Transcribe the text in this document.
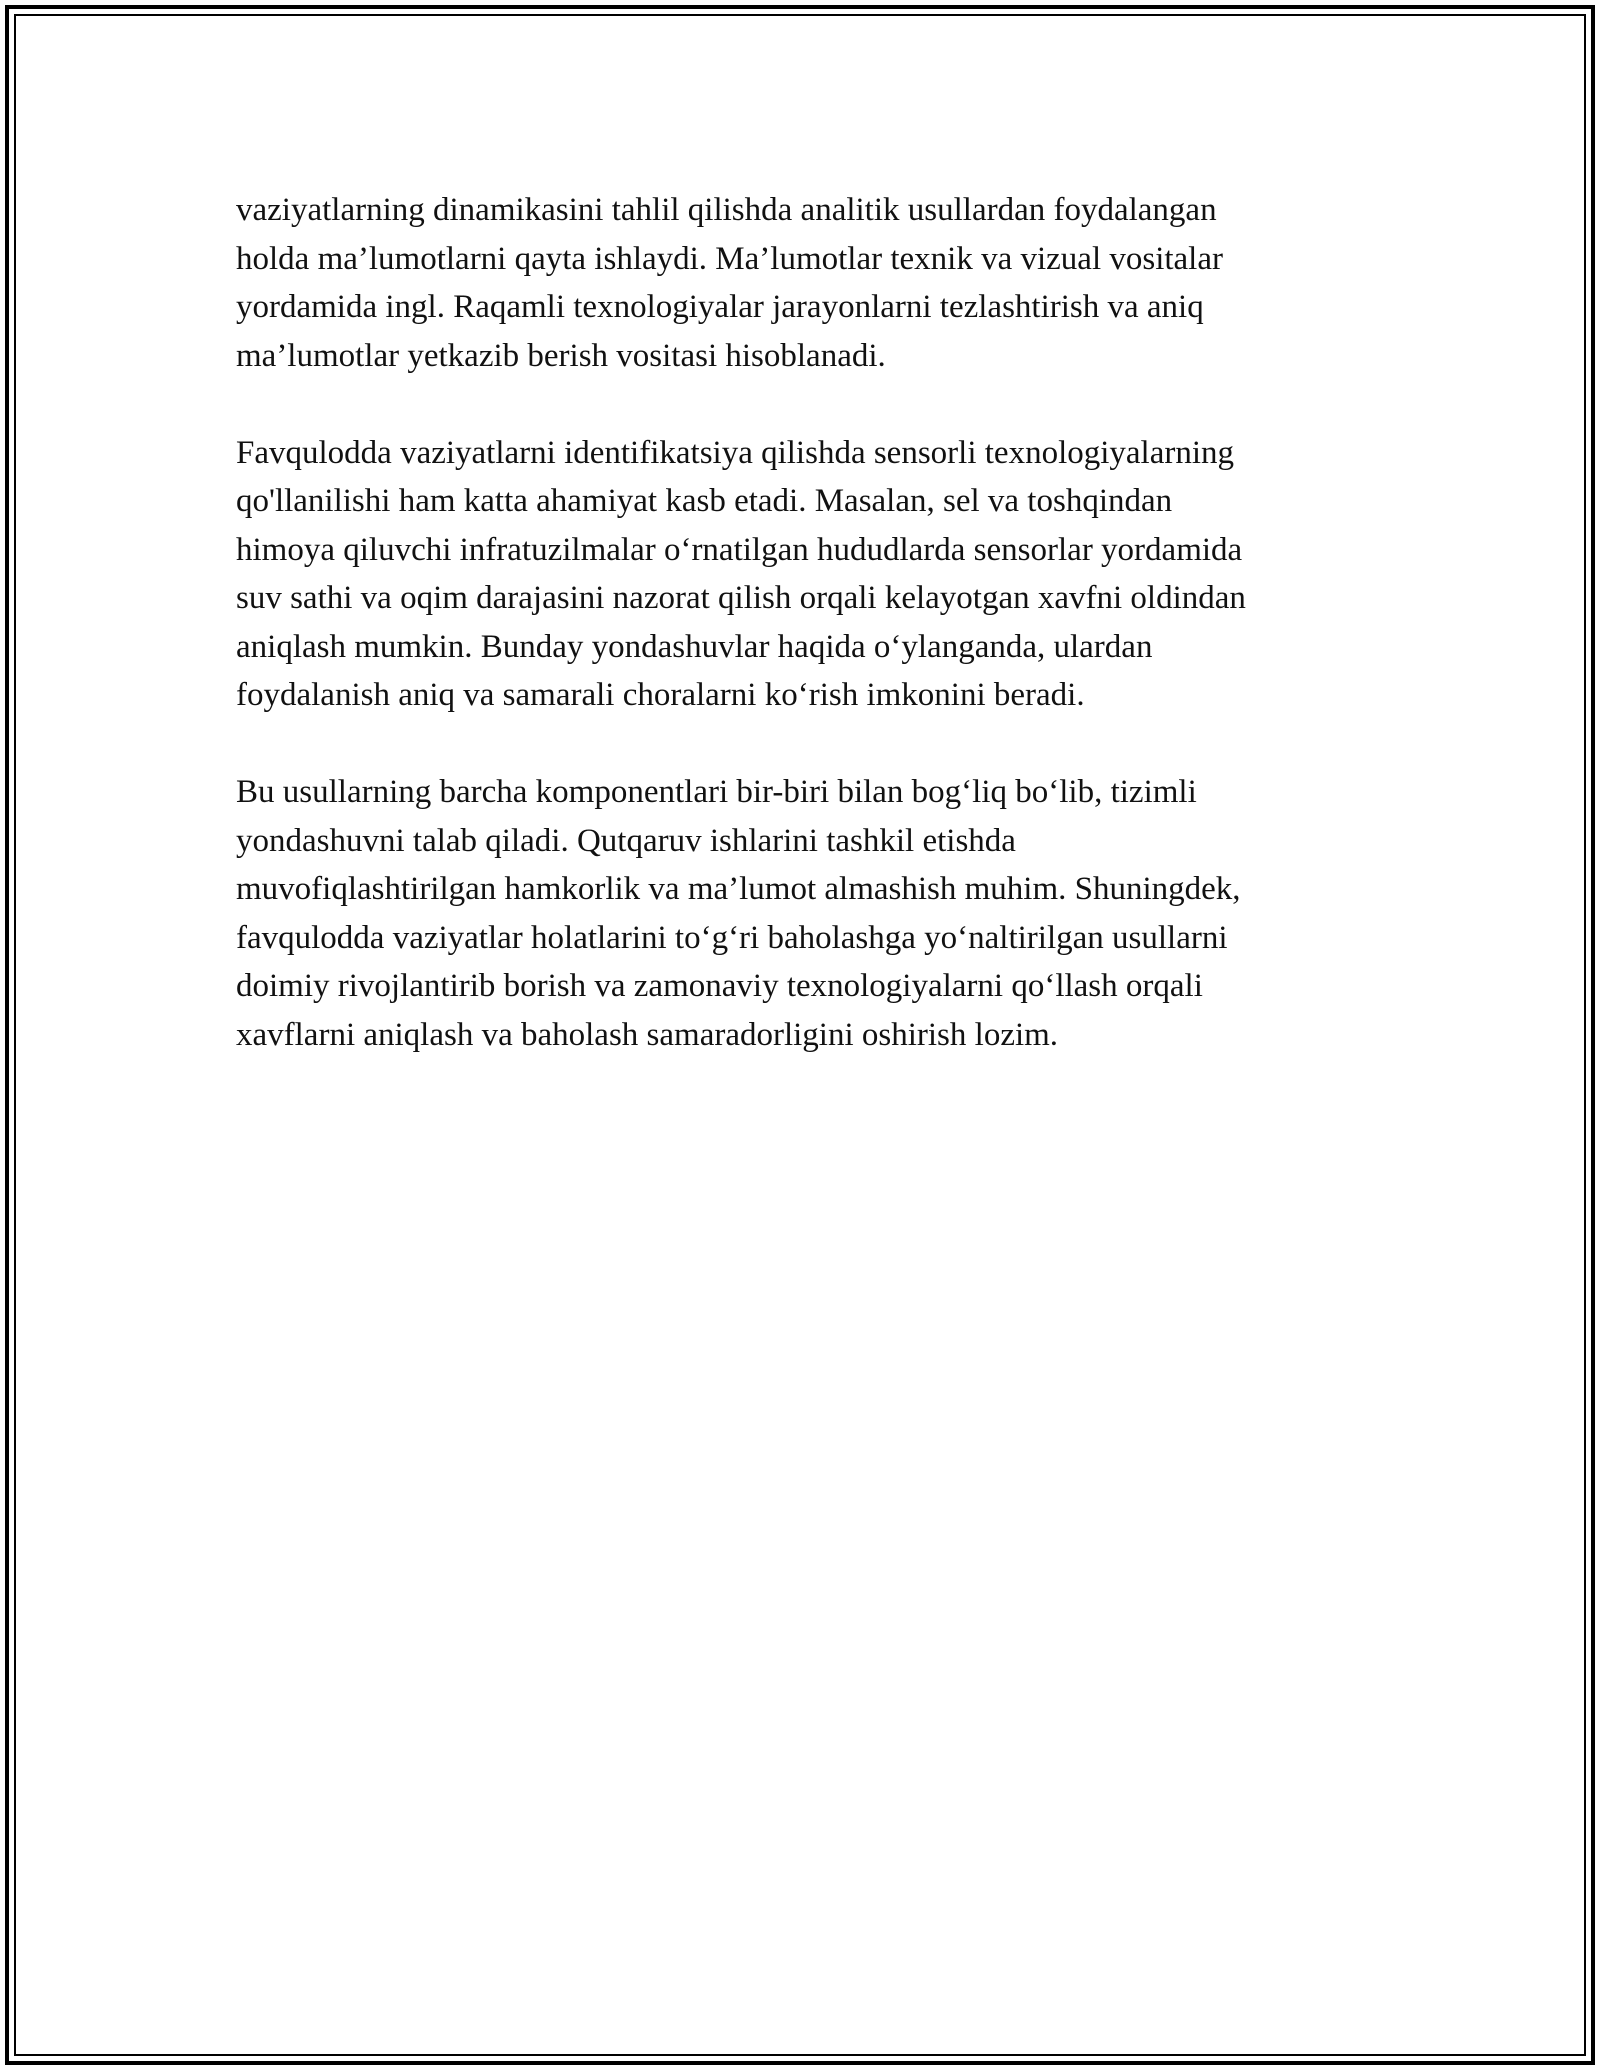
vaziyatlarning dinamikasini tahlil qilishda analitik usullardan foydalangan
holda ma’lumotlarni qayta ishlaydi. Ma’lumotlar texnik va vizual vositalar
yordamida ingl. Raqamli texnologiyalar jarayonlarni tezlashtirish va aniq
ma’lumotlar yetkazib berish vositasi hisoblanadi.

Favqulodda vaziyatlarni identifikatsiya qilishda sensorli texnologiyalarning
qo'llanilishi ham katta ahamiyat kasb etadi. Masalan, sel va toshqindan
himoya qiluvchi infratuzilmalar o‘rnatilgan hududlarda sensorlar yordamida
suv sathi va oqim darajasini nazorat qilish orqali kelayotgan xavfni oldindan
aniqlash mumkin. Bunday yondashuvlar haqida o‘ylanganda, ulardan
foydalanish aniq va samarali choralarni ko‘rish imkonini beradi.

Bu usullarning barcha komponentlari bir-biri bilan bog‘liq bo‘lib, tizimli
yondashuvni talab qiladi. Qutqaruv ishlarini tashkil etishda
muvofiqlashtirilgan hamkorlik va ma’lumot almashish muhim. Shuningdek,
favqulodda vaziyatlar holatlarini to‘g‘ri baholashga yo‘naltirilgan usullarni
doimiy rivojlantirib borish va zamonaviy texnologiyalarni qo‘llash orqali
xavflarni aniqlash va baholash samaradorligini oshirish lozim.
